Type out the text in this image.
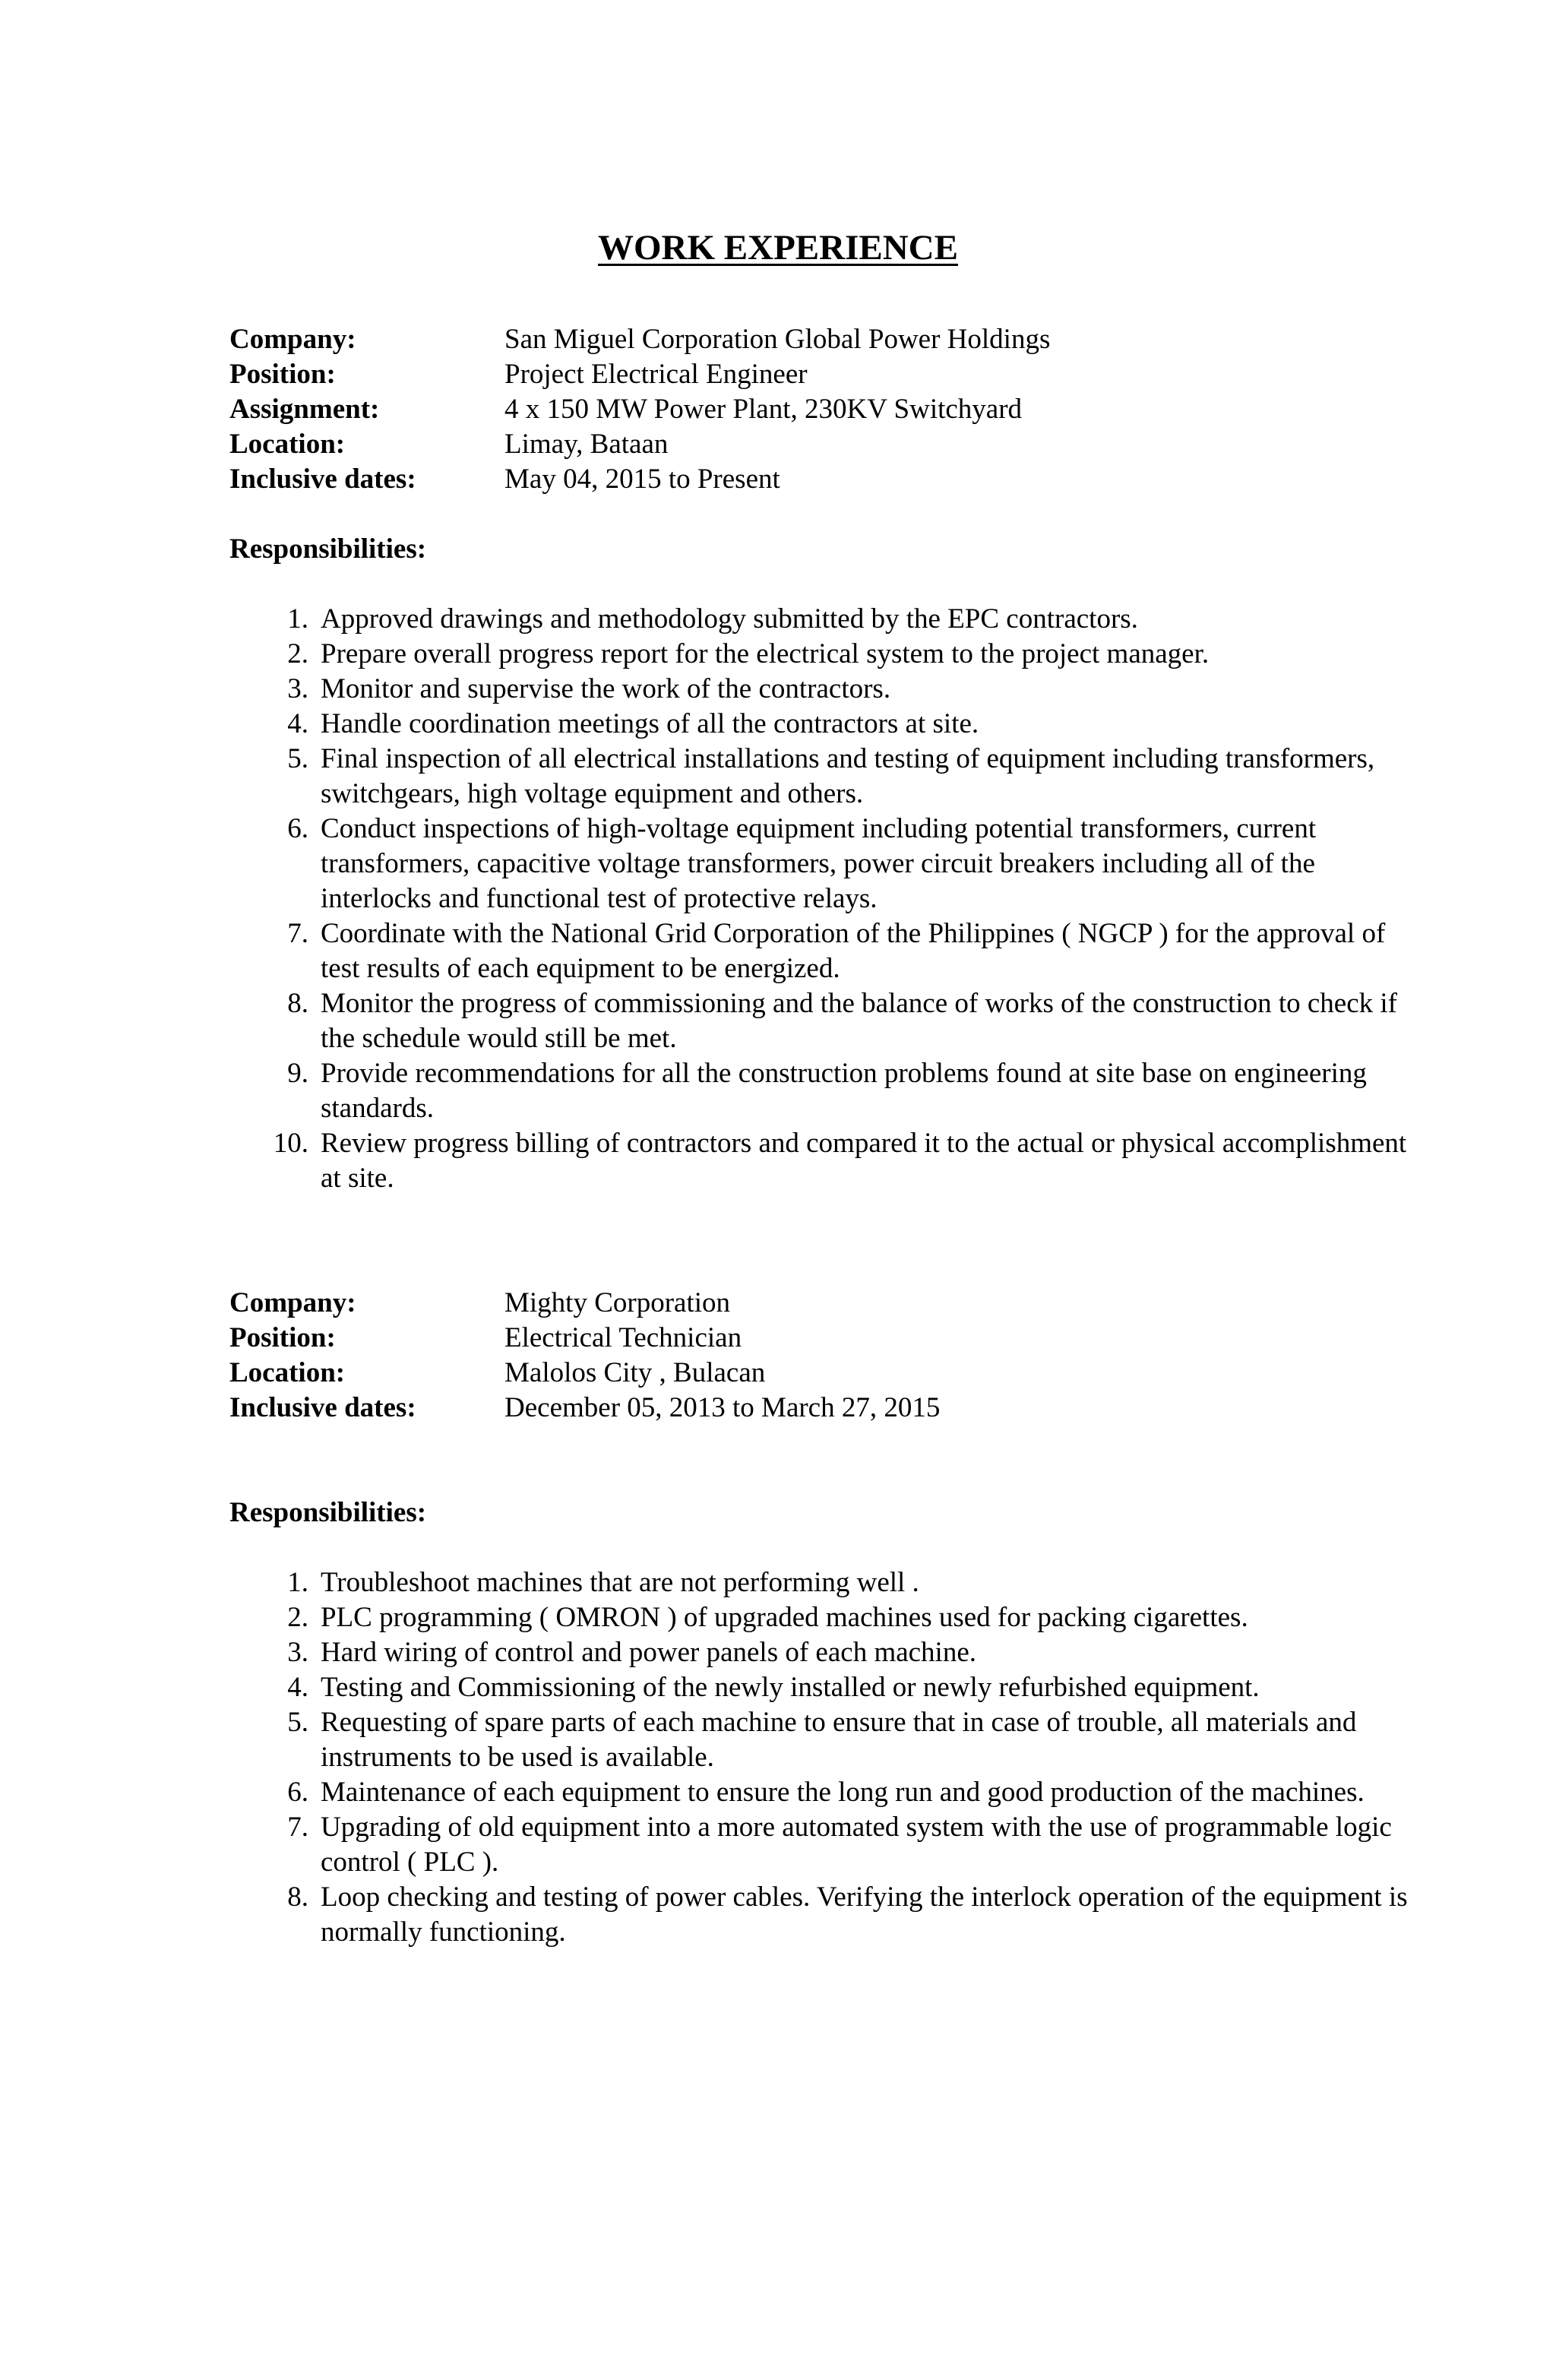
WORK EXPERIENCE
Company:	San Miguel Corporation Global Power Holdings
Position:	Project Electrical Engineer
Assignment:	4 x 150 MW Power Plant, 230KV Switchyard
Location:	Limay, Bataan
Inclusive dates:	May 04, 2015 to Present
Responsibilities:
1. Approved drawings and methodology submitted by the EPC contractors.
2. Prepare overall progress report for the electrical system to the project manager.
3. Monitor and supervise the work of the contractors.
4. Handle coordination meetings of all the contractors at site.
5. Final inspection of all electrical installations and testing of equipment including transformers, switchgears, high voltage equipment and others.
6. Conduct inspections of high-voltage equipment including potential transformers, current transformers, capacitive voltage transformers, power circuit breakers including all of the interlocks and functional test of protective relays.
7. Coordinate with the National Grid Corporation of the Philippines ( NGCP ) for the approval of test results of each equipment to be energized.
8. Monitor the progress of commissioning and the balance of works of the construction to check if the schedule would still be met.
9. Provide recommendations for all the construction problems found at site base on engineering standards.
10. Review progress billing of contractors and compared it to the actual or physical accomplishment at site.
Company:	Mighty Corporation
Position:	Electrical Technician
Location:	Malolos City , Bulacan
Inclusive dates:	December 05, 2013 to March 27, 2015
Responsibilities:
1. Troubleshoot machines that are not performing well .
2. PLC programming ( OMRON ) of upgraded machines used for packing cigarettes.
3. Hard wiring of control and power panels of each machine.
4. Testing and Commissioning of the newly installed or newly refurbished equipment.
5. Requesting of spare parts of each machine to ensure that in case of trouble, all materials and instruments to be used is available.
6. Maintenance of each equipment to ensure the long run and good production of the machines.
7. Upgrading of old equipment into a more automated system with the use of programmable logic control ( PLC ).
8. Loop checking and testing of power cables. Verifying the interlock operation of the equipment is normally functioning.
